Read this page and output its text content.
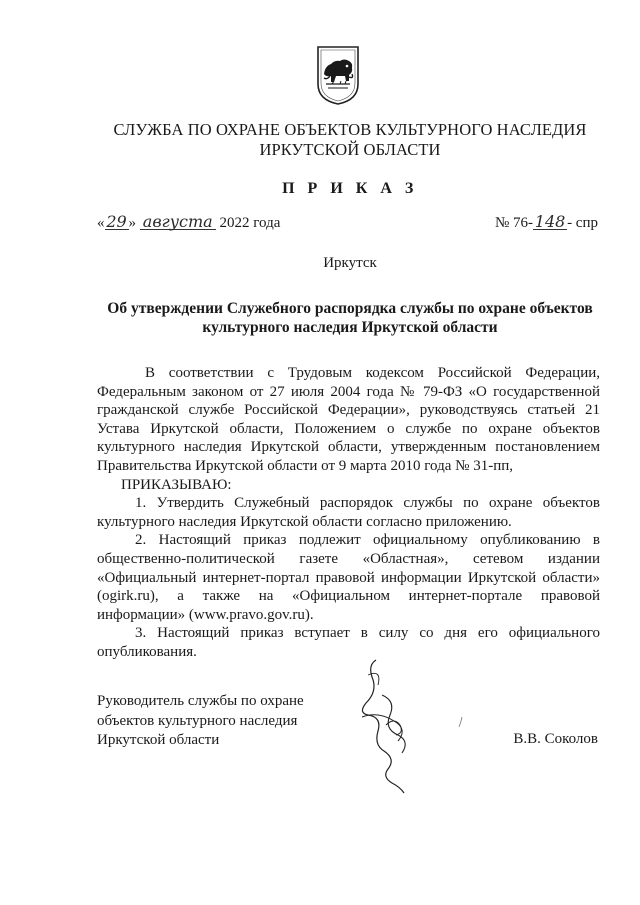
СЛУЖБА ПО ОХРАНЕ ОБЪЕКТОВ КУЛЬТУРНОГО НАСЛЕДИЯ
ИРКУТСКОЙ ОБЛАСТИ
П Р И К А З
« 29 » августа 2022 года	№ 76- 148 - спр
Иркутск
Об утверждении Служебного распорядка службы по охране объектов культурного наследия Иркутской области

В соответствии с Трудовым кодексом Российской Федерации, Федеральным законом от 27 июля 2004 года № 79-ФЗ «О государственной гражданской службе Российской Федерации», руководствуясь статьей 21 Устава Иркутской области, Положением о службе по охране объектов культурного наследия Иркутской области, утвержденным постановлением Правительства Иркутской области от 9 марта 2010 года № 31-пп,

ПРИКАЗЫВАЮ:

1. Утвердить Служебный распорядок службы по охране объектов культурного наследия Иркутской области согласно приложению.

2. Настоящий приказ подлежит официальному опубликованию в общественно-политической газете «Областная», сетевом издании «Официальный интернет-портал правовой информации Иркутской области» (ogirk.ru), а также на «Официальном интернет-портале правовой информации» (www.pravo.gov.ru).

3. Настоящий приказ вступает в силу со дня его официального опубликования.

Руководитель службы по охране
объектов культурного наследия
Иркутской области	В.В. Соколов
